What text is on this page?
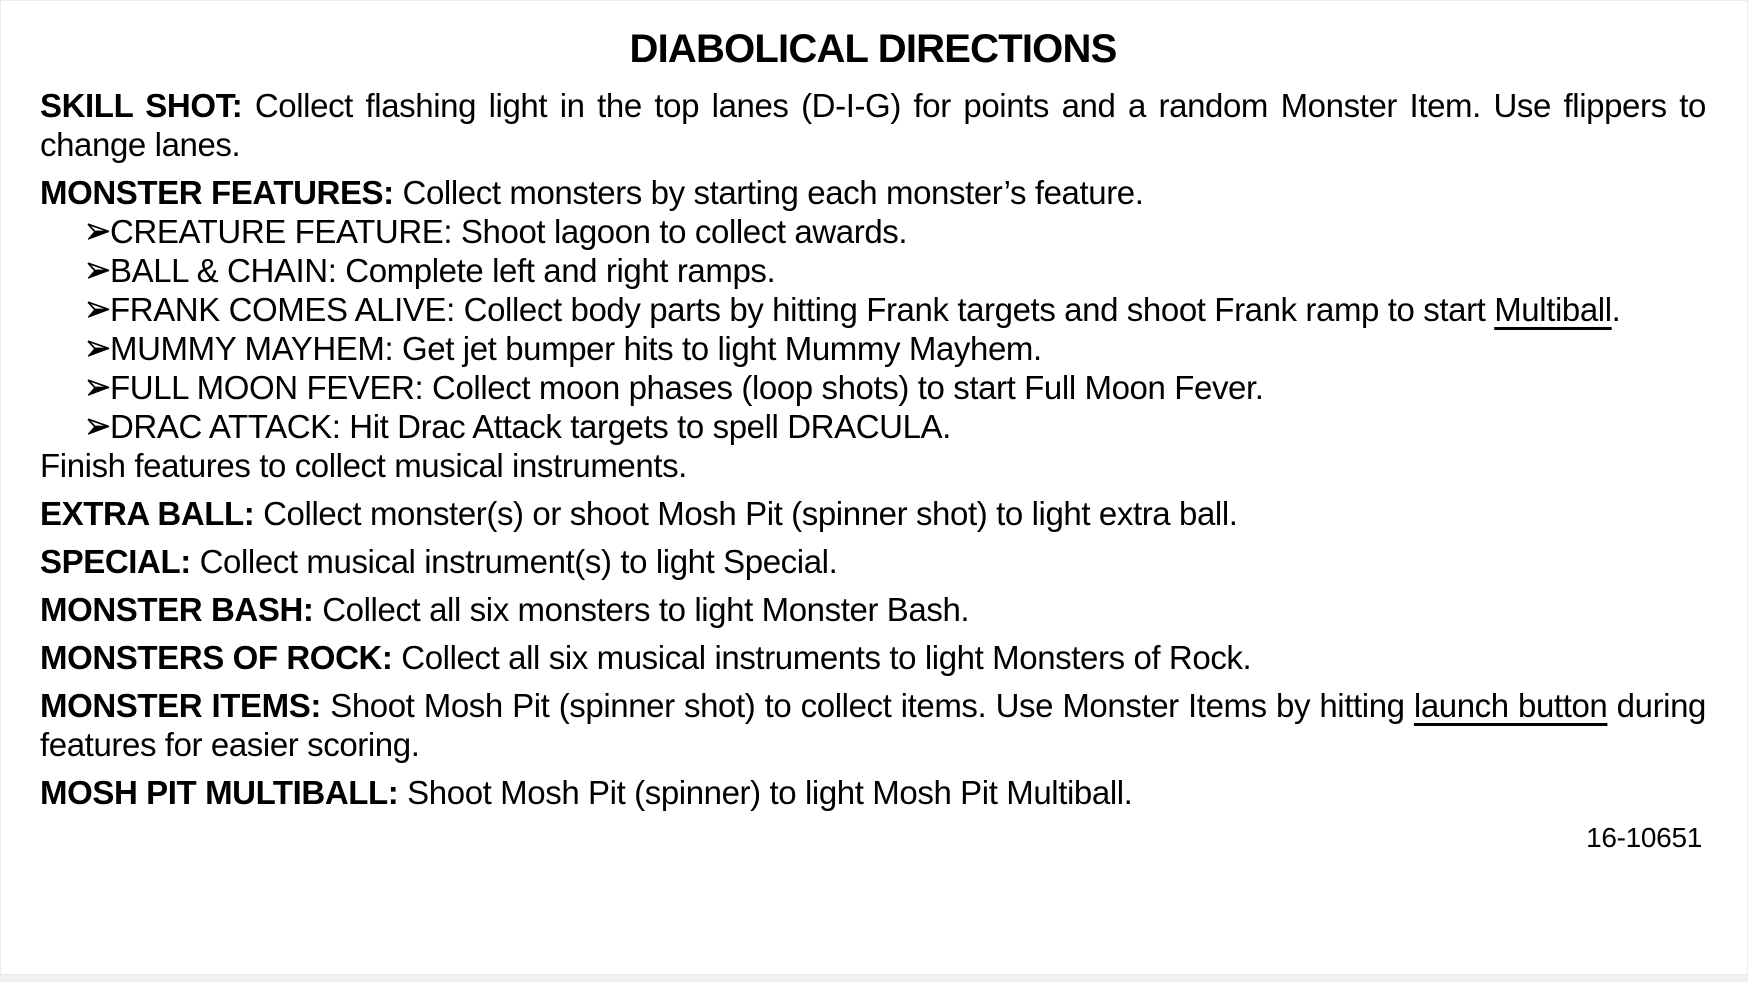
DIABOLICAL DIRECTIONS

SKILL SHOT: Collect flashing light in the top lanes (D-I-G) for points and a random Monster Item. Use flippers to change lanes.

MONSTER FEATURES: Collect monsters by starting each monster’s feature.

CREATURE FEATURE: Shoot lagoon to collect awards.
BALL & CHAIN: Complete left and right ramps.
FRANK COMES ALIVE: Collect body parts by hitting Frank targets and shoot Frank ramp to start Multiball.
MUMMY MAYHEM: Get jet bumper hits to light Mummy Mayhem.
FULL MOON FEVER: Collect moon phases (loop shots) to start Full Moon Fever.
DRAC ATTACK: Hit Drac Attack targets to spell DRACULA.

Finish features to collect musical instruments.

EXTRA BALL: Collect monster(s) or shoot Mosh Pit (spinner shot) to light extra ball.

SPECIAL: Collect musical instrument(s) to light Special.

MONSTER BASH: Collect all six monsters to light Monster Bash.

MONSTERS OF ROCK: Collect all six musical instruments to light Monsters of Rock.

MONSTER ITEMS: Shoot Mosh Pit (spinner shot) to collect items. Use Monster Items by hitting launch button during features for easier scoring.

MOSH PIT MULTIBALL: Shoot Mosh Pit (spinner) to light Mosh Pit Multiball.

16-10651
